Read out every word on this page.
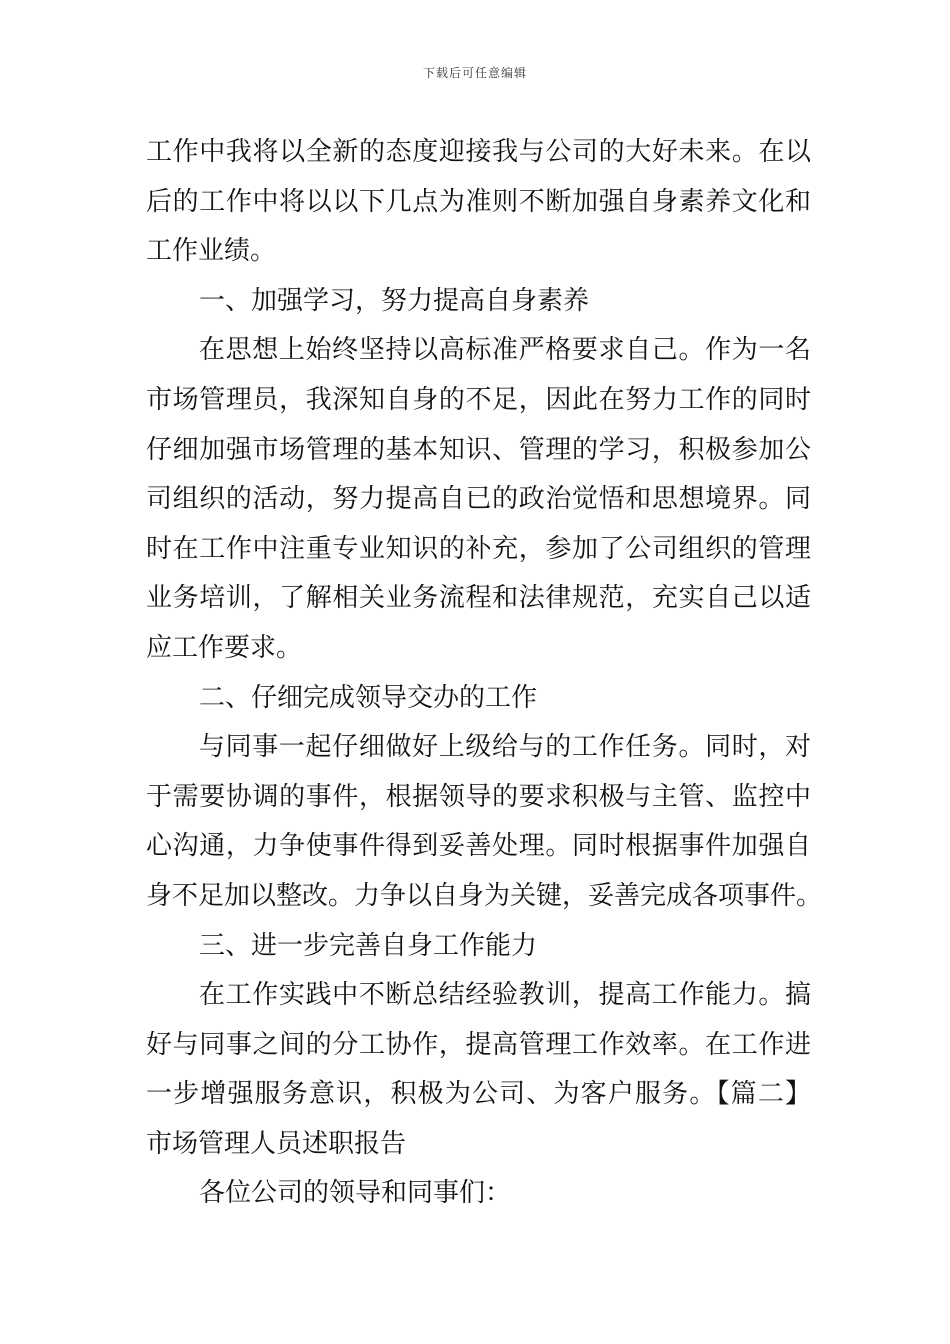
下载后可任意编辑
工作中我将以全新的态度迎接我与公司的大好未来。在以
后的工作中将以以下几点为准则不断加强自身素养文化和
工作业绩。
一、加强学习，努力提高自身素养
在思想上始终坚持以高标准严格要求自己。作为一名
市场管理员，我深知自身的不足，因此在努力工作的同时
仔细加强市场管理的基本知识、管理的学习，积极参加公
司组织的活动，努力提高自已的政治觉悟和思想境界。同
时在工作中注重专业知识的补充，参加了公司组织的管理
业务培训，了解相关业务流程和法律规范，充实自己以适
应工作要求。
二、仔细完成领导交办的工作
与同事一起仔细做好上级给与的工作任务。同时，对
于需要协调的事件，根据领导的要求积极与主管、监控中
心沟通，力争使事件得到妥善处理。同时根据事件加强自
身不足加以整改。力争以自身为关键，妥善完成各项事件。
三、进一步完善自身工作能力
在工作实践中不断总结经验教训，提高工作能力。搞
好与同事之间的分工协作，提高管理工作效率。在工作进
一步增强服务意识，积极为公司、为客户服务。【篇二】
市场管理人员述职报告
各位公司的领导和同事们：
